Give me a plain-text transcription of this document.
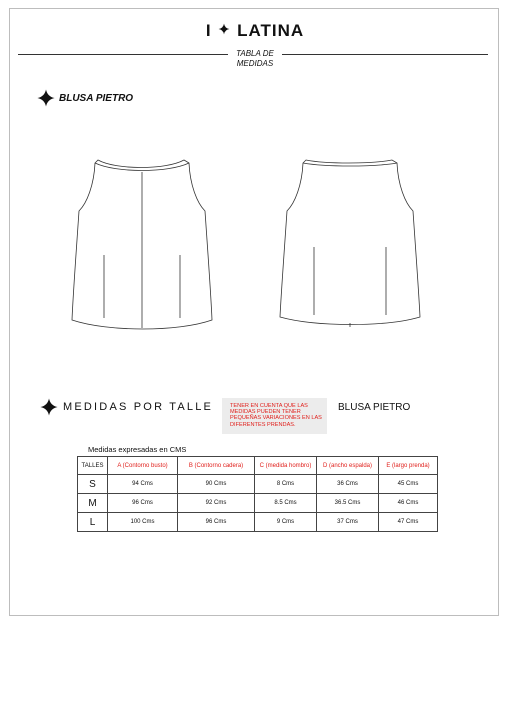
I LATINA
TABLA DE
MEDIDAS
BLUSA PIETRO
MEDIDAS POR TALLE	TENER EN CUENTA QUE LAS MEDIDAS PUEDEN TENER PEQUEÑAS VARIACIONES EN LAS DIFERENTES PRENDAS.
BLUSA PIETRO
Medidas expresadas en CMS
TALLES	A (Contorno busto)	B (Contorno cadera)	C (medida hombro)	D (ancho espalda)	E (largo prenda)
S	94 Cms	90 Cms	8 Cms	36 Cms	45 Cms
M	96 Cms	92 Cms	8.5 Cms	36.5 Cms	46 Cms
L	100 Cms	96 Cms	9 Cms	37 Cms	47 Cms
